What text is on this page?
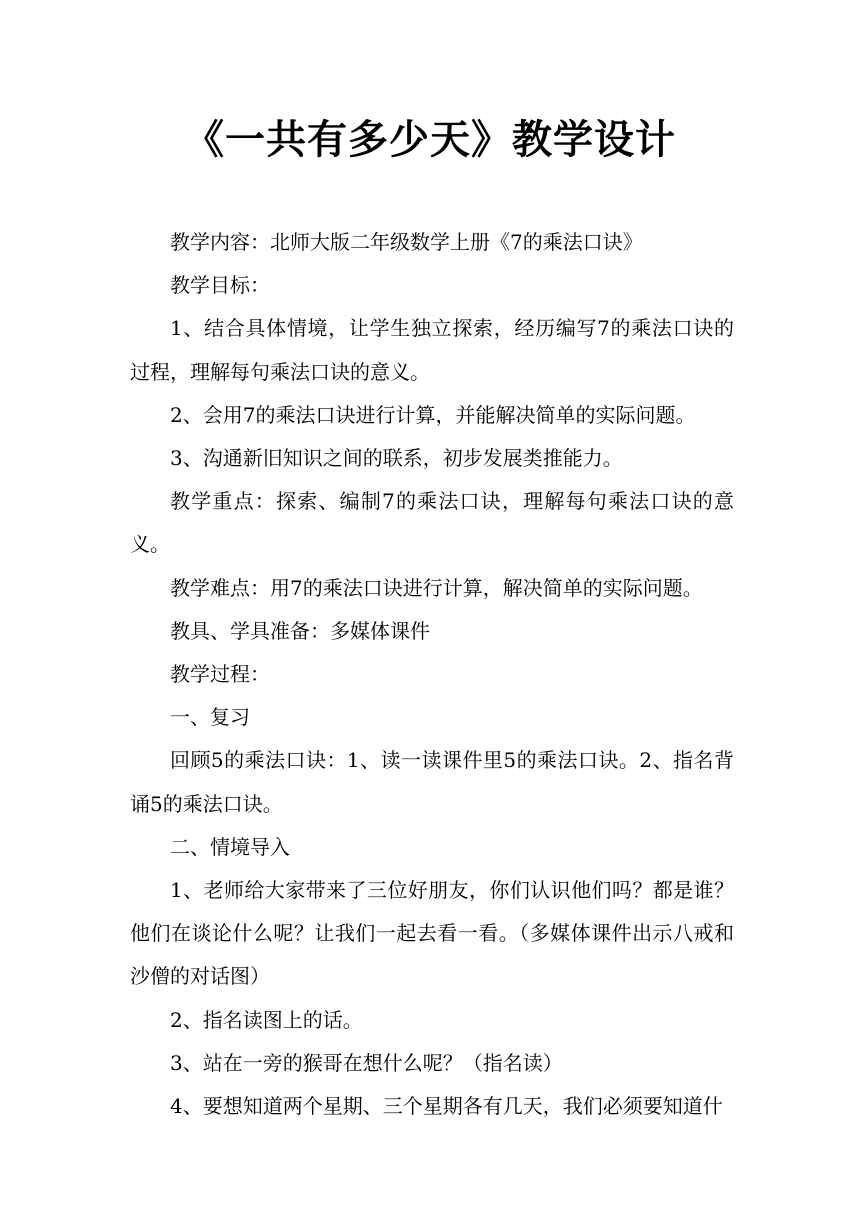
《一共有多少天》教学设计

教学内容：北师大版二年级数学上册《7的乘法口诀》

教学目标：

1、结合具体情境，让学生独立探索，经历编写7的乘法口诀的过程，理解每句乘法口诀的意义。

2、会用7的乘法口诀进行计算，并能解决简单的实际问题。

3、沟通新旧知识之间的联系，初步发展类推能力。

教学重点：探索、编制7的乘法口诀，理解每句乘法口诀的意义。

教学难点：用7的乘法口诀进行计算，解决简单的实际问题。

教具、学具准备：多媒体课件

教学过程：

一、复习

回顾5的乘法口诀：1、读一读课件里5的乘法口诀。2、指名背诵5的乘法口诀。

二、情境导入

1、老师给大家带来了三位好朋友，你们认识他们吗？都是谁？他们在谈论什么呢？让我们一起去看一看。（多媒体课件出示八戒和沙僧的对话图）

2、指名读图上的话。

3、站在一旁的猴哥在想什么呢？（指名读）

4、要想知道两个星期、三个星期各有几天，我们必须要知道什
